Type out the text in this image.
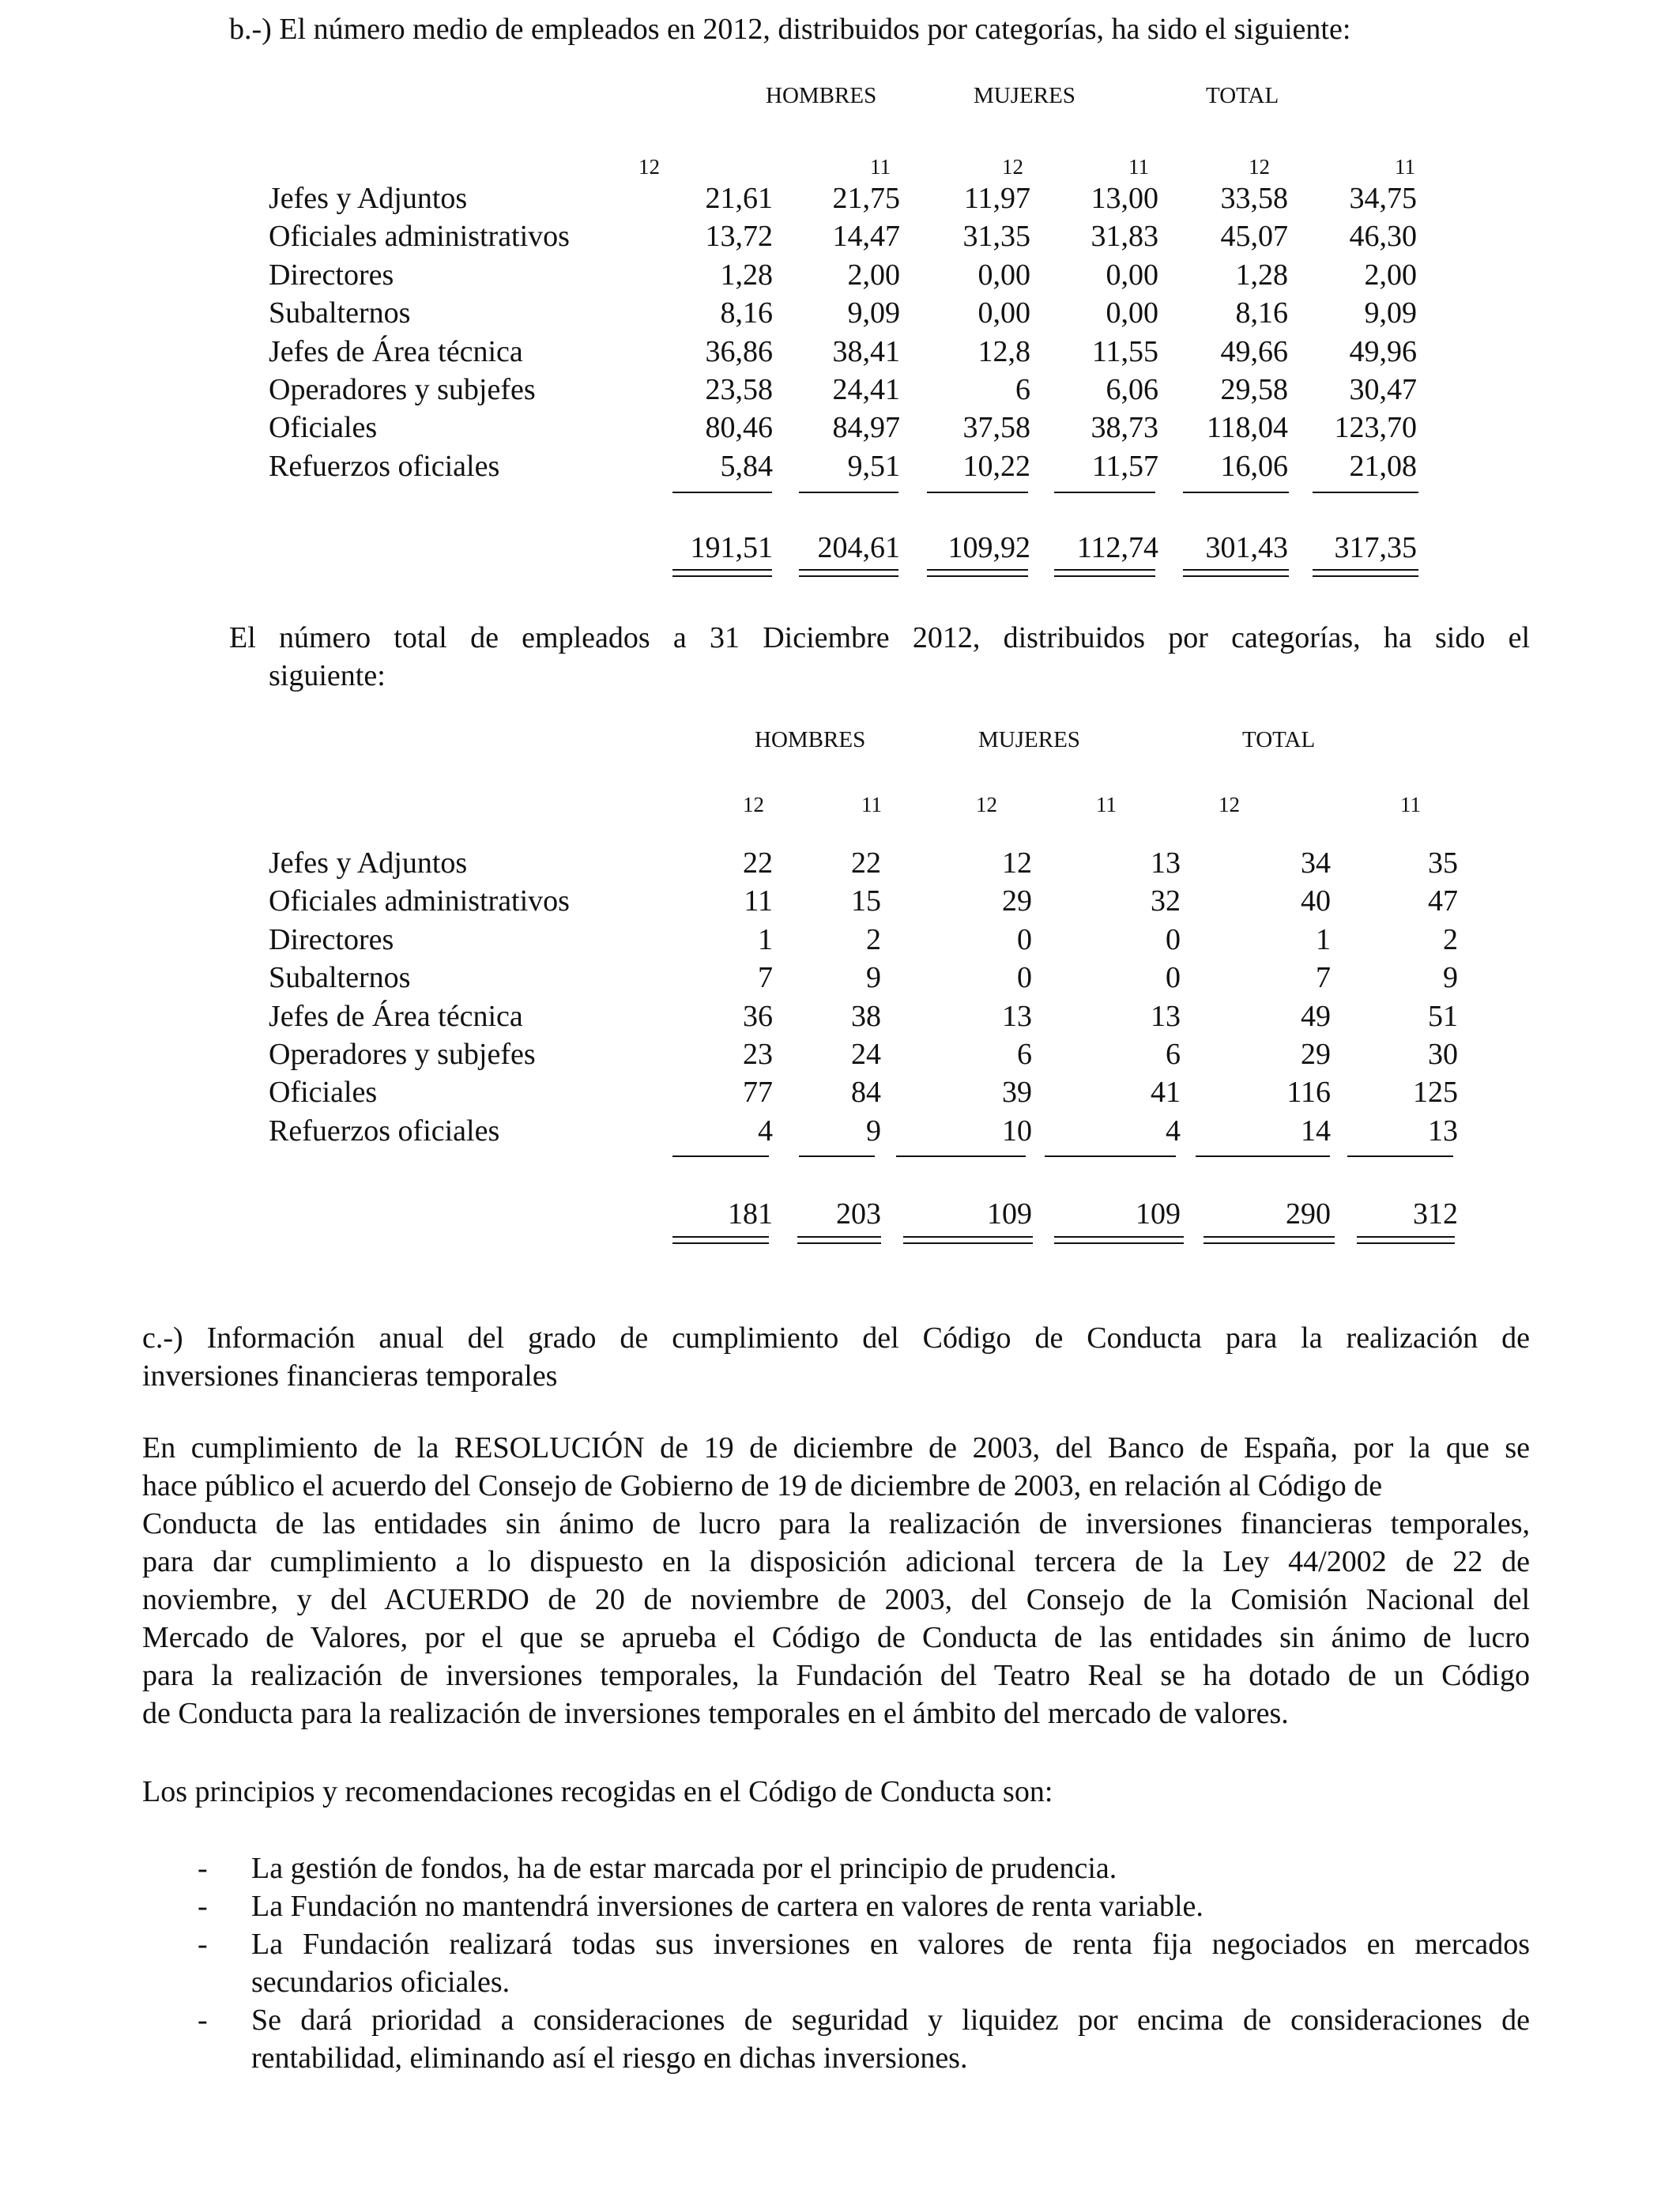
b.-) El número medio de empleados en 2012, distribuidos por categorías, ha sido el siguiente:
HOMBRES	MUJERES	TOTAL
12	11	12	11	12	11
Jefes y Adjuntos	21,61	21,75	11,97	13,00	33,58	34,75
Oficiales administrativos	13,72	14,47	31,35	31,83	45,07	46,30
Directores	1,28	2,00	0,00	0,00	1,28	2,00
Subalternos	8,16	9,09	0,00	0,00	8,16	9,09
Jefes de Área técnica	36,86	38,41	12,8	11,55	49,66	49,96
Operadores y subjefes	23,58	24,41	6	6,06	29,58	30,47
Oficiales	80,46	84,97	37,58	38,73	118,04	123,70
Refuerzos oficiales	5,84	9,51	10,22	11,57	16,06	21,08
191,51	204,61	109,92	112,74	301,43	317,35
El número total de empleados a 31 Diciembre 2012, distribuidos por categorías, ha sido el
siguiente:
HOMBRES	MUJERES	TOTAL
12	11	12	11	12	11
Jefes y Adjuntos	22	22	12	13	34	35
Oficiales administrativos	11	15	29	32	40	47
Directores	1	2	0	0	1	2
Subalternos	7	9	0	0	7	9
Jefes de Área técnica	36	38	13	13	49	51
Operadores y subjefes	23	24	6	6	29	30
Oficiales	77	84	39	41	116	125
Refuerzos oficiales	4	9	10	4	14	13
181	203	109	109	290	312
c.-) Información anual del grado de cumplimiento del Código de Conducta para la realización de
inversiones financieras temporales
En cumplimiento de la RESOLUCIÓN de 19 de diciembre de 2003, del Banco de España, por la que se
hace público el acuerdo del Consejo de Gobierno de 19 de diciembre de 2003, en relación al Código de
Conducta de las entidades sin ánimo de lucro para la realización de inversiones financieras temporales,
para dar cumplimiento a lo dispuesto en la disposición adicional tercera de la Ley 44/2002 de 22 de
noviembre, y del ACUERDO de 20 de noviembre de 2003, del Consejo de la Comisión Nacional del
Mercado de Valores, por el que se aprueba el Código de Conducta de las entidades sin ánimo de lucro
para la realización de inversiones temporales, la Fundación del Teatro Real se ha dotado de un Código
de Conducta para la realización de inversiones temporales en el ámbito del mercado de valores.
Los principios y recomendaciones recogidas en el Código de Conducta son:
- La gestión de fondos, ha de estar marcada por el principio de prudencia.
- La Fundación no mantendrá inversiones de cartera en valores de renta variable.
- La Fundación realizará todas sus inversiones en valores de renta fija negociados en mercados
secundarios oficiales.
- Se dará prioridad a consideraciones de seguridad y liquidez por encima de consideraciones de
rentabilidad, eliminando así el riesgo en dichas inversiones.
